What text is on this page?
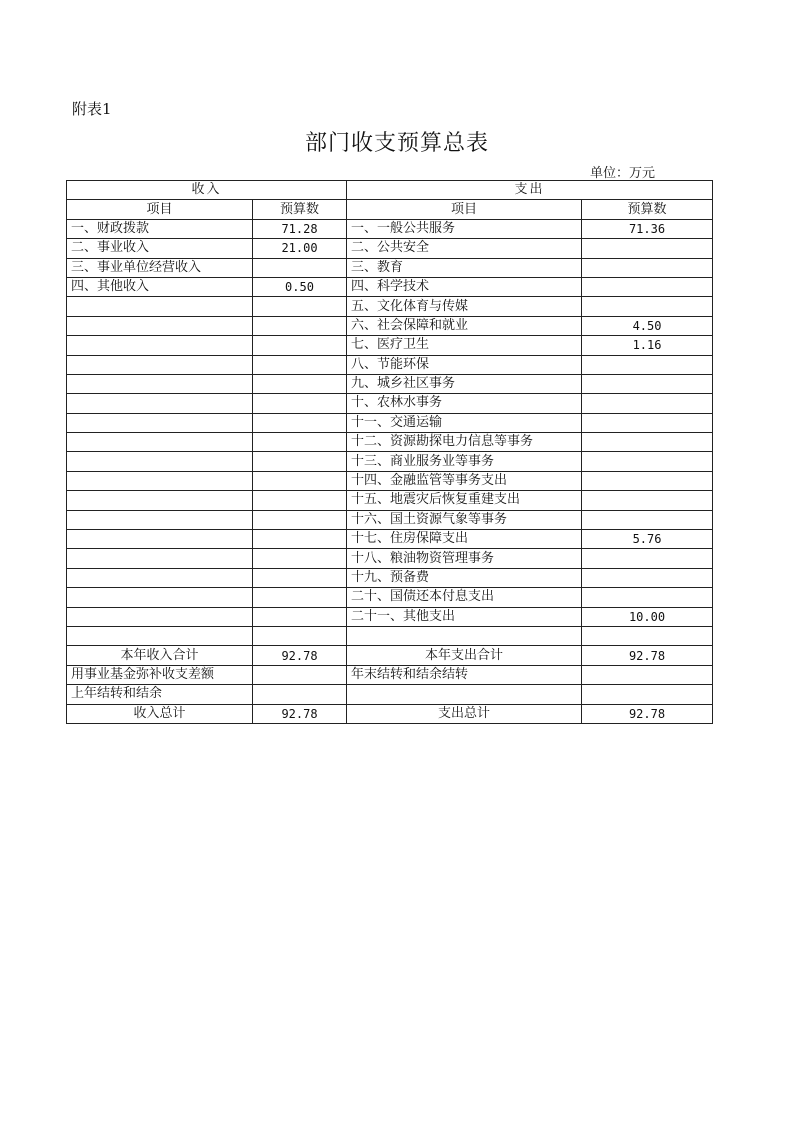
附表1
部门收支预算总表
单位：万元
收入		支出	
项目	预算数	项目	预算数
一、财政拨款	71.28	一、一般公共服务	71.36
二、事业收入	21.00	二、公共安全	
三、事业单位经营收入		三、教育	
四、其他收入	0.50	四、科学技术	
		五、文化体育与传媒	
		六、社会保障和就业	4.50
		七、医疗卫生	1.16
		八、节能环保	
		九、城乡社区事务	
		十、农林水事务	
		十一、交通运输	
		十二、资源勘探电力信息等事务	
		十三、商业服务业等事务	
		十四、金融监管等事务支出	
		十五、地震灾后恢复重建支出	
		十六、国土资源气象等事务	
		十七、住房保障支出	5.76
		十八、粮油物资管理事务	
		十九、预备费	
		二十、国债还本付息支出	
		二十一、其他支出	10.00

本年收入合计	92.78	本年支出合计	92.78
用事业基金弥补收支差额		年末结转和结余结转	
上年结转和结余			
收入总计	92.78	支出总计	92.78
